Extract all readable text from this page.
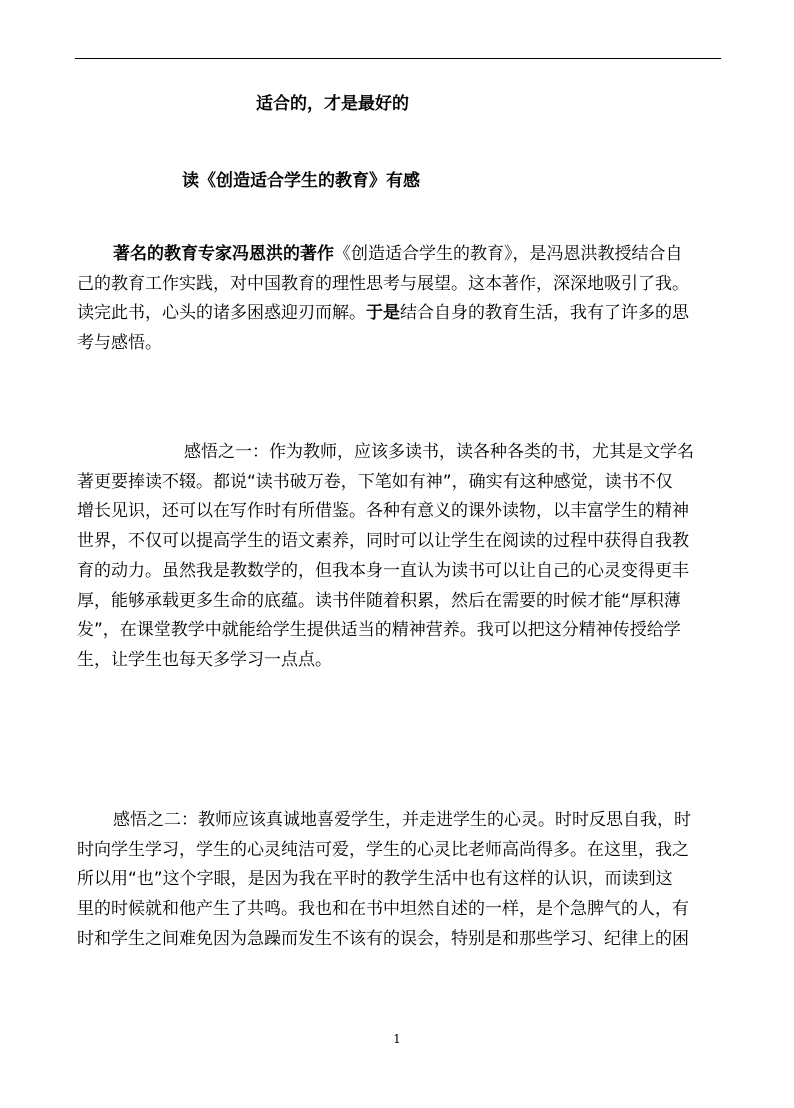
适合的，才是最好的
读《创造适合学生的教育》有感

著名的教育专家冯恩洪的著作《创造适合学生的教育》，是冯恩洪教授结合自

己的教育工作实践，对中国教育的理性思考与展望。这本著作，深深地吸引了我。

读完此书，心头的诸多困惑迎刃而解。于是结合自身的教育生活，我有了许多的思

考与感悟。

感悟之一：作为教师，应该多读书，读各种各类的书，尤其是文学名

著更要捧读不辍。都说“读书破万卷，下笔如有神”，确实有这种感觉，读书不仅

增长见识，还可以在写作时有所借鉴。各种有意义的课外读物，以丰富学生的精神

世界，不仅可以提高学生的语文素养，同时可以让学生在阅读的过程中获得自我教

育的动力。虽然我是教数学的，但我本身一直认为读书可以让自己的心灵变得更丰

厚，能够承载更多生命的底蕴。读书伴随着积累，然后在需要的时候才能“厚积薄

发”，在课堂教学中就能给学生提供适当的精神营养。我可以把这分精神传授给学

生，让学生也每天多学习一点点。

感悟之二：教师应该真诚地喜爱学生，并走进学生的心灵。时时反思自我，时

时向学生学习，学生的心灵纯洁可爱，学生的心灵比老师高尚得多。在这里，我之

所以用“也”这个字眼，是因为我在平时的教学生活中也有这样的认识，而读到这

里的时候就和他产生了共鸣。我也和在书中坦然自述的一样，是个急脾气的人，有

时和学生之间难免因为急躁而发生不该有的误会，特别是和那些学习、纪律上的困

1
